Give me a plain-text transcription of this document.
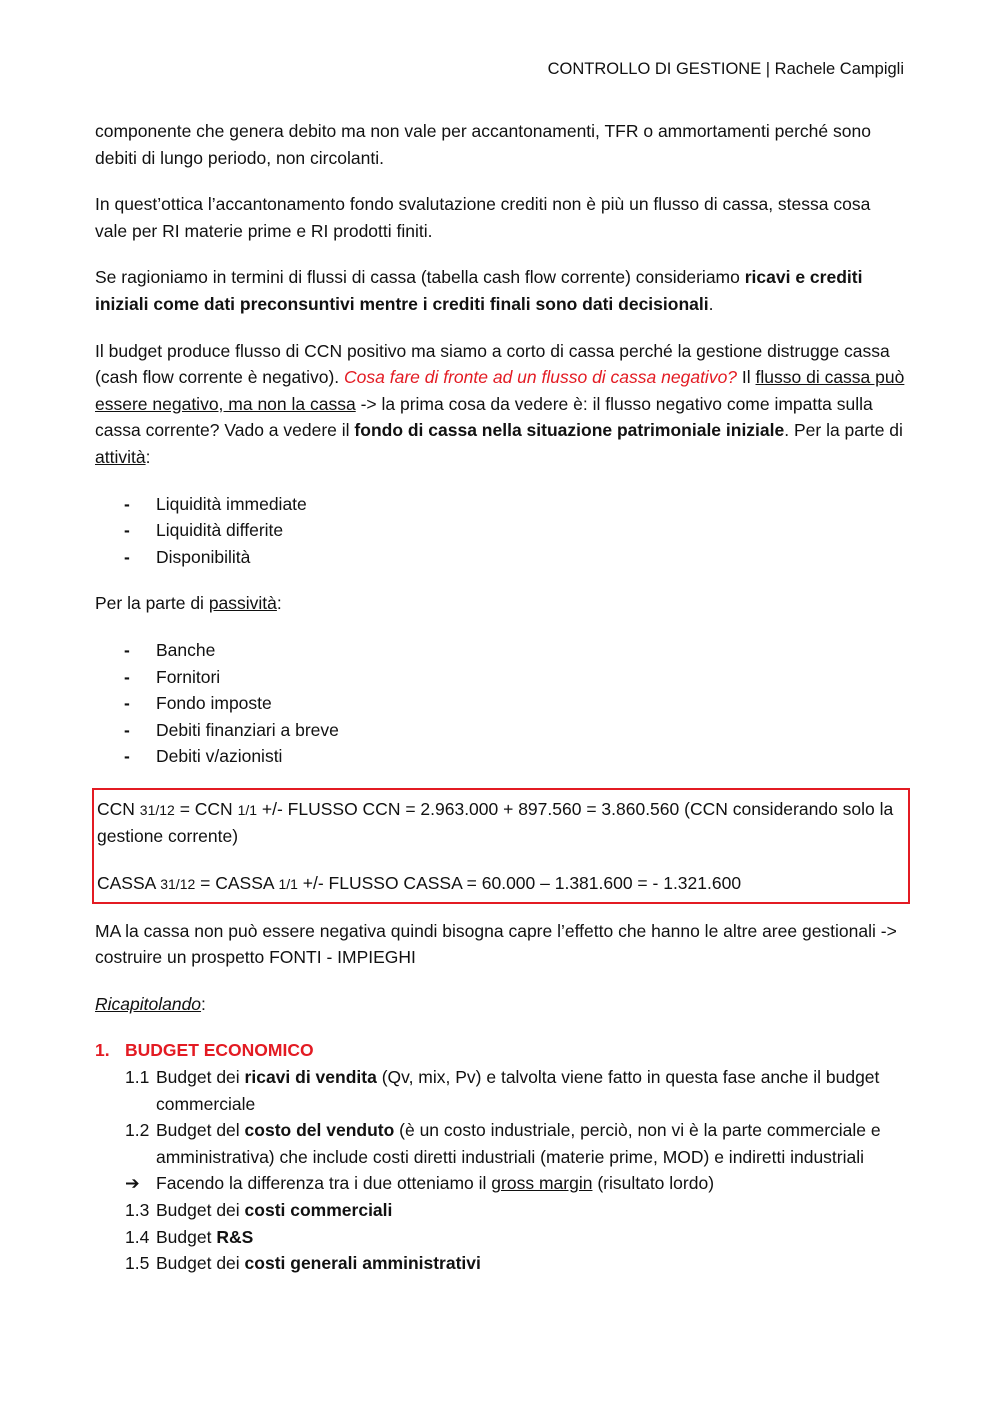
CONTROLLO DI GESTIONE | Rachele Campigli

componente che genera debito ma non vale per accantonamenti, TFR o ammortamenti perché sono debiti di lungo periodo, non circolanti.

In quest’ottica l’accantonamento fondo svalutazione crediti non è più un flusso di cassa, stessa cosa vale per RI materie prime e RI prodotti finiti.

Se ragioniamo in termini di flussi di cassa (tabella cash flow corrente) consideriamo ricavi e crediti iniziali come dati preconsuntivi mentre i crediti finali sono dati decisionali.

Il budget produce flusso di CCN positivo ma siamo a corto di cassa perché la gestione distrugge cassa (cash flow corrente è negativo). Cosa fare di fronte ad un flusso di cassa negativo? Il flusso di cassa può essere negativo, ma non la cassa -> la prima cosa da vedere è: il flusso negativo come impatta sulla cassa corrente? Vado a vedere il fondo di cassa nella situazione patrimoniale iniziale. Per la parte di attività:

- Liquidità immediate
- Liquidità differite
- Disponibilità

Per la parte di passività:

- Banche
- Fornitori
- Fondo imposte
- Debiti finanziari a breve
- Debiti v/azionisti

CCN 31/12 = CCN 1/1 +/- FLUSSO CCN = 2.963.000 + 897.560 = 3.860.560 (CCN considerando solo la gestione corrente)

CASSA 31/12 = CASSA 1/1 +/- FLUSSO CASSA = 60.000 – 1.381.600 = - 1.321.600

MA la cassa non può essere negativa quindi bisogna capre l’effetto che hanno le altre aree gestionali -> costruire un prospetto FONTI - IMPIEGHI

Ricapitolando:

1. BUDGET ECONOMICO
1.1 Budget dei ricavi di vendita (Qv, mix, Pv) e talvolta viene fatto in questa fase anche il budget commerciale
1.2 Budget del costo del venduto (è un costo industriale, perciò, non vi è la parte commerciale e amministrativa) che include costi diretti industriali (materie prime, MOD) e indiretti industriali
➔ Facendo la differenza tra i due otteniamo il gross margin (risultato lordo)
1.3 Budget dei costi commerciali
1.4 Budget R&S
1.5 Budget dei costi generali amministrativi
